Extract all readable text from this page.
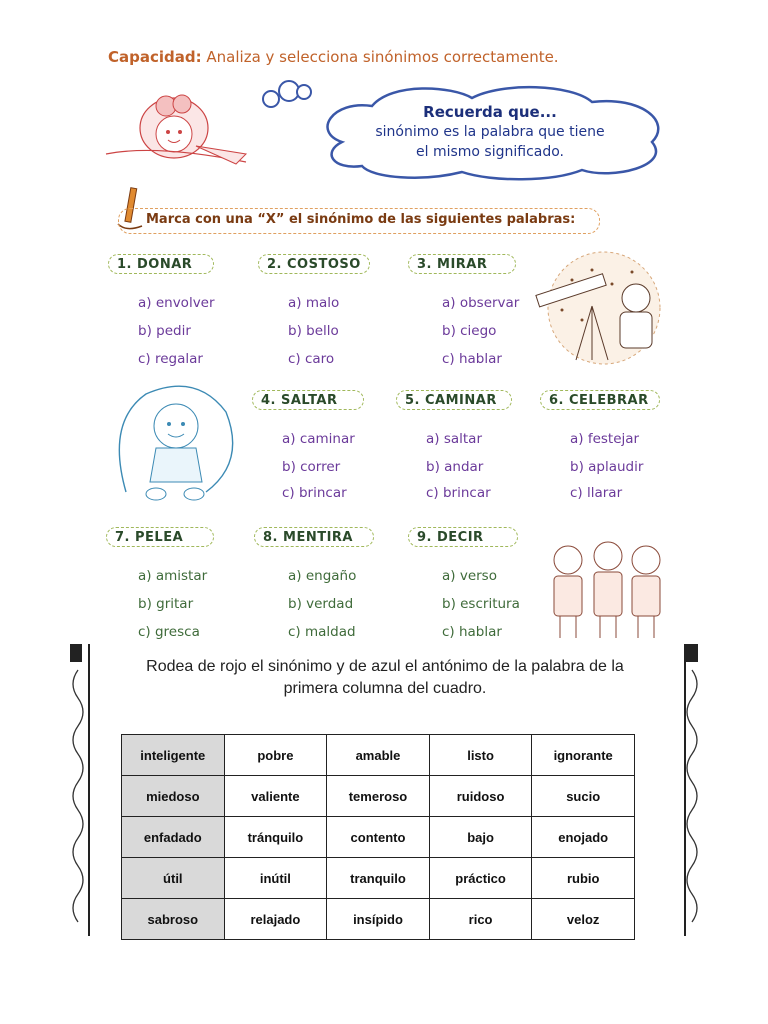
Capacidad: Analiza y selecciona sinónimos correctamente.
Recuerda que...
sinónimo es la palabra que tiene
el mismo significado.
Marca con una “X” el sinónimo de las siguientes palabras:
1. DONAR
a) envolver
b) pedir
c) regalar
2. COSTOSO
a) malo
b) bello
c) caro
3. MIRAR
a) observar
b) ciego
c) hablar
4. SALTAR
a) caminar
b) correr
c) brincar
5. CAMINAR
a) saltar
b) andar
c) brincar
6. CELEBRAR
a) festejar
b) aplaudir
c) llarar
7. PELEA
a) amistar
b) gritar
c) gresca
8. MENTIRA
a) engaño
b) verdad
c) maldad
9. DECIR
a) verso
b) escritura
c) hablar
Rodea de rojo el sinónimo y de azul el antónimo de la palabra de la
primera columna del cuadro.
inteligente	pobre	amable	listo	ignorante
miedoso	valiente	temeroso	ruidoso	sucio
enfadado	tránquilo	contento	bajo	enojado
útil	inútil	tranquilo	práctico	rubio
sabroso	relajado	insípido	rico	veloz
